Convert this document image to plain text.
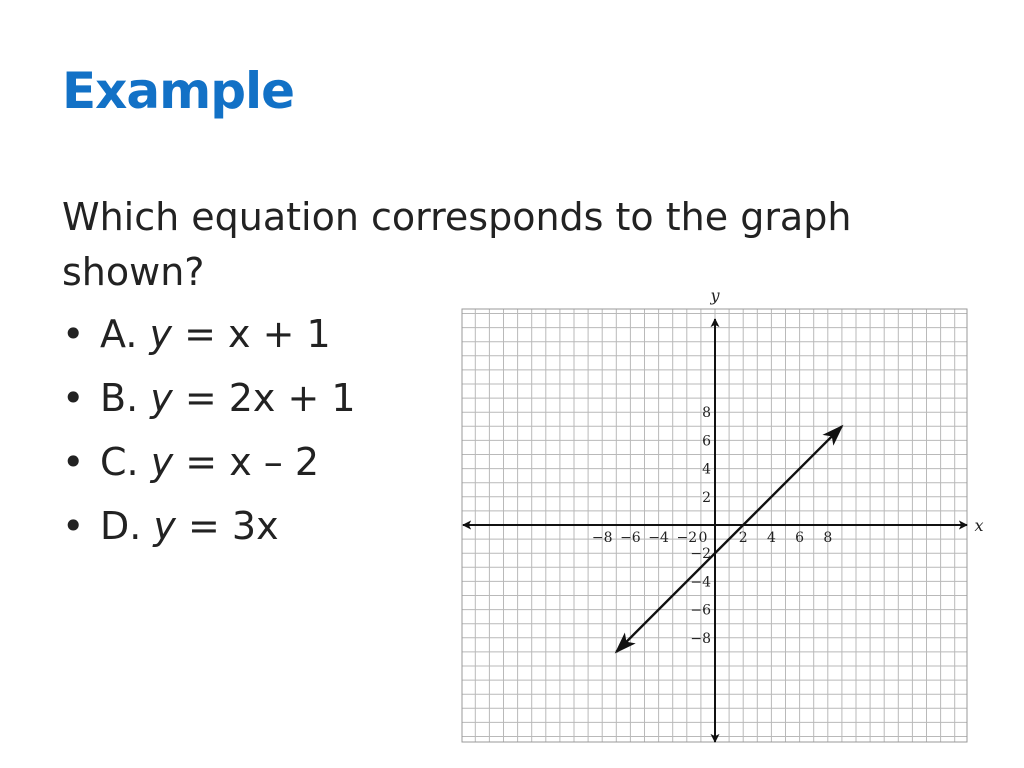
Example
Which equation corresponds to the graph shown?
• A. y = x + 1
• B. y = 2x + 1
• C. y = x – 2
• D. y = 3x	x
y
−8 −6 −4 −2 0 2 4 6 8
8
6
4
2
−2
−4
−6
−8
